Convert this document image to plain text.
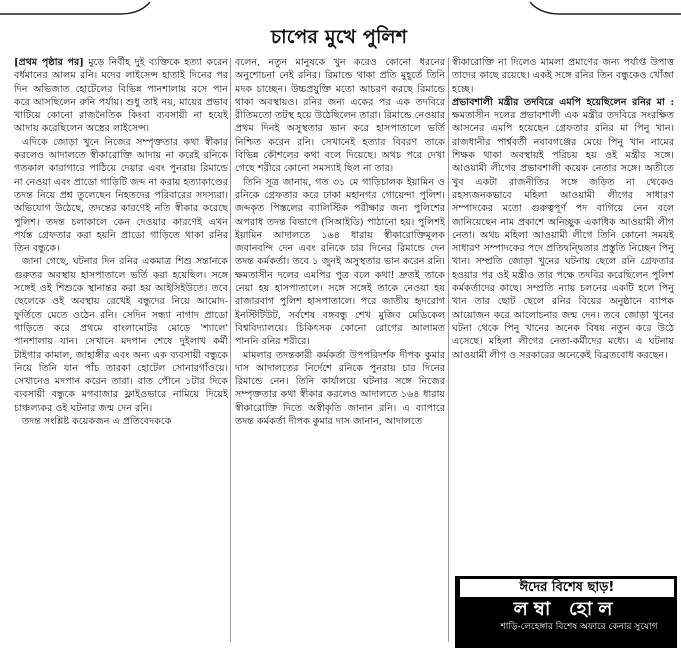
চাপের মুখে পুলিশ

[প্রথম পৃষ্ঠার পর] মুড়ে নির্বীহ দুই ব্যক্তিকে হত্যা করেন বর্ধমানের আলম রনি। মদের লাইসেন্স হাতাই দিনের পর দিন অভিজাত হোটেলের বিভিন্ন পানশালায় বসে পান করে আসছিলেন রুনি পর্যায়। শুধু তাই নয়, মায়ের প্রভাব খাটিয়ে কোনো রাজনৈতিক কিংবা ব্যবসায়ী না হয়েই আদায় করেছিলেন অস্ত্রের লাইসেন্স।

এদিকে জোড়া খুনে নিজের সম্পৃক্ততার কথা স্বীকার করলেও আদালতে স্বীকারোক্তি আদায় না করেই রনিকে গতকাল কারাগারে পাঠিয়ে দেয়ার এবং পুনরায় রিমান্ডে না নেওয়া এবং প্রাডো গাড়িটি জব্দ না করায় হত্যাকাণ্ডের তদন্ত নিয়ে প্রশ্ন তুলেছেন নিহতদের পরিবারের সদস্যরা। অভিযোগ উঠেছে, তদন্তের কারণেই নতি স্বীকার করেছে পুলিশ। তদন্ত চলাকালে কেন দেওয়ার কারণেই এখন পর্যন্ত গ্রেফতার করা হয়নি প্রাডো গাড়িতে থাকা রনির তিন বন্ধুকে।

জানা গেছে, ঘটনার দিন রনির একমাত্র শিশু সন্তানকে গুরুতর অবস্থায় হাসপাতালে ভর্তি করা হয়েছিল। সঙ্গে সঙ্গেই ওই শিশুকে স্থানান্তর করা হয় আইসিইউতে। তবে ছেলেকে ওই অবস্থায় রেখেই বন্ধুদের নিয়ে আমোদ-ফুর্তিতে মেতে ওঠেন রনি। সেদিন সন্ধ্যা নাগাদ প্রাডো গাড়িতে করে প্রথমে বাংলামোটর মোড়ে 'শ্যালে' পানশালায় যান। সেখানে মদপান শেষে দুইলাখ কর্মী টাইগার কামাল, জাহাঙ্গীর এবং অন্য এক ব্যবসায়ী বন্ধুকে নিয়ে তিনি যান পাঁচ তারকা হোটেল সোনারগাঁওয়ে। সেখানেও মদপান করেন তারা। রাত পৌনে ১টার দিকে ব্যবসায়ী বন্ধুকে মগবাজার ফ্লাইওভারে নামিয়ে দিয়েই চাঞ্চল্যকর ওই ঘটনার জন্ম দেন রনি।

তদন্ত সংশ্লিষ্ট কয়েকজন এ প্রতিবেদককে

বলেন, নতুন মানুষকে খুন করেও কোনো ধরনের অনুশোচনা নেই রনির। রিমান্ডে থাকা প্রতি মুহূর্তে তিনি মদক চাচ্ছেন। উচ্চপ্রযুক্তি মতো আচরণ করছে রিমান্ডে থাকা অবস্থায়ও। রনির জন্য একের পর এক তদবিরে রীতিমতো তটস্থ হয়ে উঠেছিলেন তারা। রিমান্ডে নেওয়ার প্রথম দিনই অসুস্থতার ভান করে হাসপাতালে ভর্তি নিশ্চিত করেন রনি। সেখানেই হত্যার বিবরণ তাকে বিভিন্ন কৌশলের কথা বলে দিয়েছে। অথচ পরে দেখা গেছে শরীরে কোনো সমস্যাই ছিল না তার।

তিনি সূত্র জানায়, গত ৩১ মে গাড়িচালক ইয়ামিন ও রনিকে গ্রেফতার করে ঢাকা মহানগর গোয়েন্দা পুলিশ। জব্দকৃত পিস্তলের ব্যালিস্টিক পরীক্ষার জন্য পুলিশের অপরাধ তদন্ত বিভাগে (সিআইডি) পাঠানো হয়। পুলিশই ইয়ামিন আদালতে ১৬৪ ধারায় স্বীকারোক্তিমূলক জবানবন্দি দেন এবং রনিকে চার দিনের রিমান্ডে দেন তদন্ত কর্মকর্তা। তবে ১ জুনই অসুস্থতার ভান করেন রনি। ক্ষমতাসীন দলের এমপির পুত্র বলে কথা! দ্রুতই তাকে নেয়া হয় হাসপাতালে। সঙ্গে সঙ্গেই তাকে নেওয়া হয় রাজারবাগ পুলিশ হাসপাতালে। পরে জাতীয় হৃদরোগ ইনস্টিটিউট, সর্বশেষ বঙ্গবন্ধু শেখ মুজিব মেডিকেল বিশ্ববিদ্যালয়ে। চিকিৎসক কোনো রোগের আলামত পাননি রনির শরীরে।

মামলার তদন্তকারী কর্মকর্তা উপপরিদর্শক দীপক কুমার দাস আদালতের নির্দেশে রনিকে পুনরায় চার দিনের রিমান্ডে নেন। তিনি কার্যালয়ে ঘটনার সঙ্গে নিজের সম্পৃক্ততার কথা স্বীকার করলেও আদালতে ১৬৪ ধারায় স্বীকারোক্তি দিতে অস্বীকৃতি জানান রনি। এ ব্যাপারে তদন্ত কর্মকর্তা দীপক কুমার দাস জানান, আদালতে

স্বীকারোক্তি না দিলেও মামলা প্রমাণের জন্য পর্যাপ্ত উপাত্ত তাদের কাছে রয়েছে। একই সঙ্গে রনির তিন বন্ধুকেও খোঁজা হচ্ছে।

প্রভাবশালী মন্ত্রীর তদবিরে এমপি হয়েছিলেন রনির মা : ক্ষমতাসীন দলের প্রভাবশালী এক মন্ত্রীর তদবিরে সংরক্ষিত আসনের এমপি হয়েছেন গ্রেফতার রনির মা পিনু খান। রাজধানীর পার্শ্ববর্তী নবাবগঞ্জের মেয়ে পিনু খান নামের শিক্ষক থাকা অবস্থায়ই পরিচয় হয় ওই মন্ত্রীর সঙ্গে। আওয়ামী লীগের প্রভাবশালী কয়েক নেতার সঙ্গে। অতীতে খুব একটা রাজনীতির সঙ্গে জড়িত না থেকেও রহস্যজনকভাবে মহিলা আওয়ামী লীগের সাধারণ সম্পাদকের মতো গুরুত্বপূর্ণ পদ বাগিয়ে নেন বলে জানিয়েছেন নাম প্রকাশে অনিচ্ছুক একাধিক আওয়ামী লীগ নেতা। অথচ মহিলা আওয়ামী লীগে তিনি কোনো সময়ই সাধারণ সম্পাদকের পদে প্রতিদ্বন্দ্বিতার প্রস্তুতি নিচ্ছেন পিনু খান। সম্প্রতি জোড়া খুনের ঘটনায় ছেলে রনি গ্রেফতার হওয়ার পর ওই মন্ত্রীও তার পক্ষে তদবির করেছিলেন পুলিশ কর্মকর্তাদের কাছে। সম্প্রতি ন্যায় চলনের একটি হলে পিনু খান তার ছোট ছেলে রনির বিয়ের অনুষ্ঠানে ব্যাপক আয়োজন করে আলোচনার জন্ম দেন। তবে জোড়া খুনের ঘটনা থেকে পিনু খানের অনেক বিষয় নতুন করে উঠে এসেছে। মহিলা লীগের নেতা-কর্মীদের মধ্যে। এ ঘটনায় আওয়ামী লীগ ও সরকারের অনেকেই বিব্রতবোধ করছেন।

ঈদের বিশেষ ছাড়!
লম্বা হোল
শাড়ি-লেহেঙ্গার বিশেষ অফারে কেনার সুযোগ
